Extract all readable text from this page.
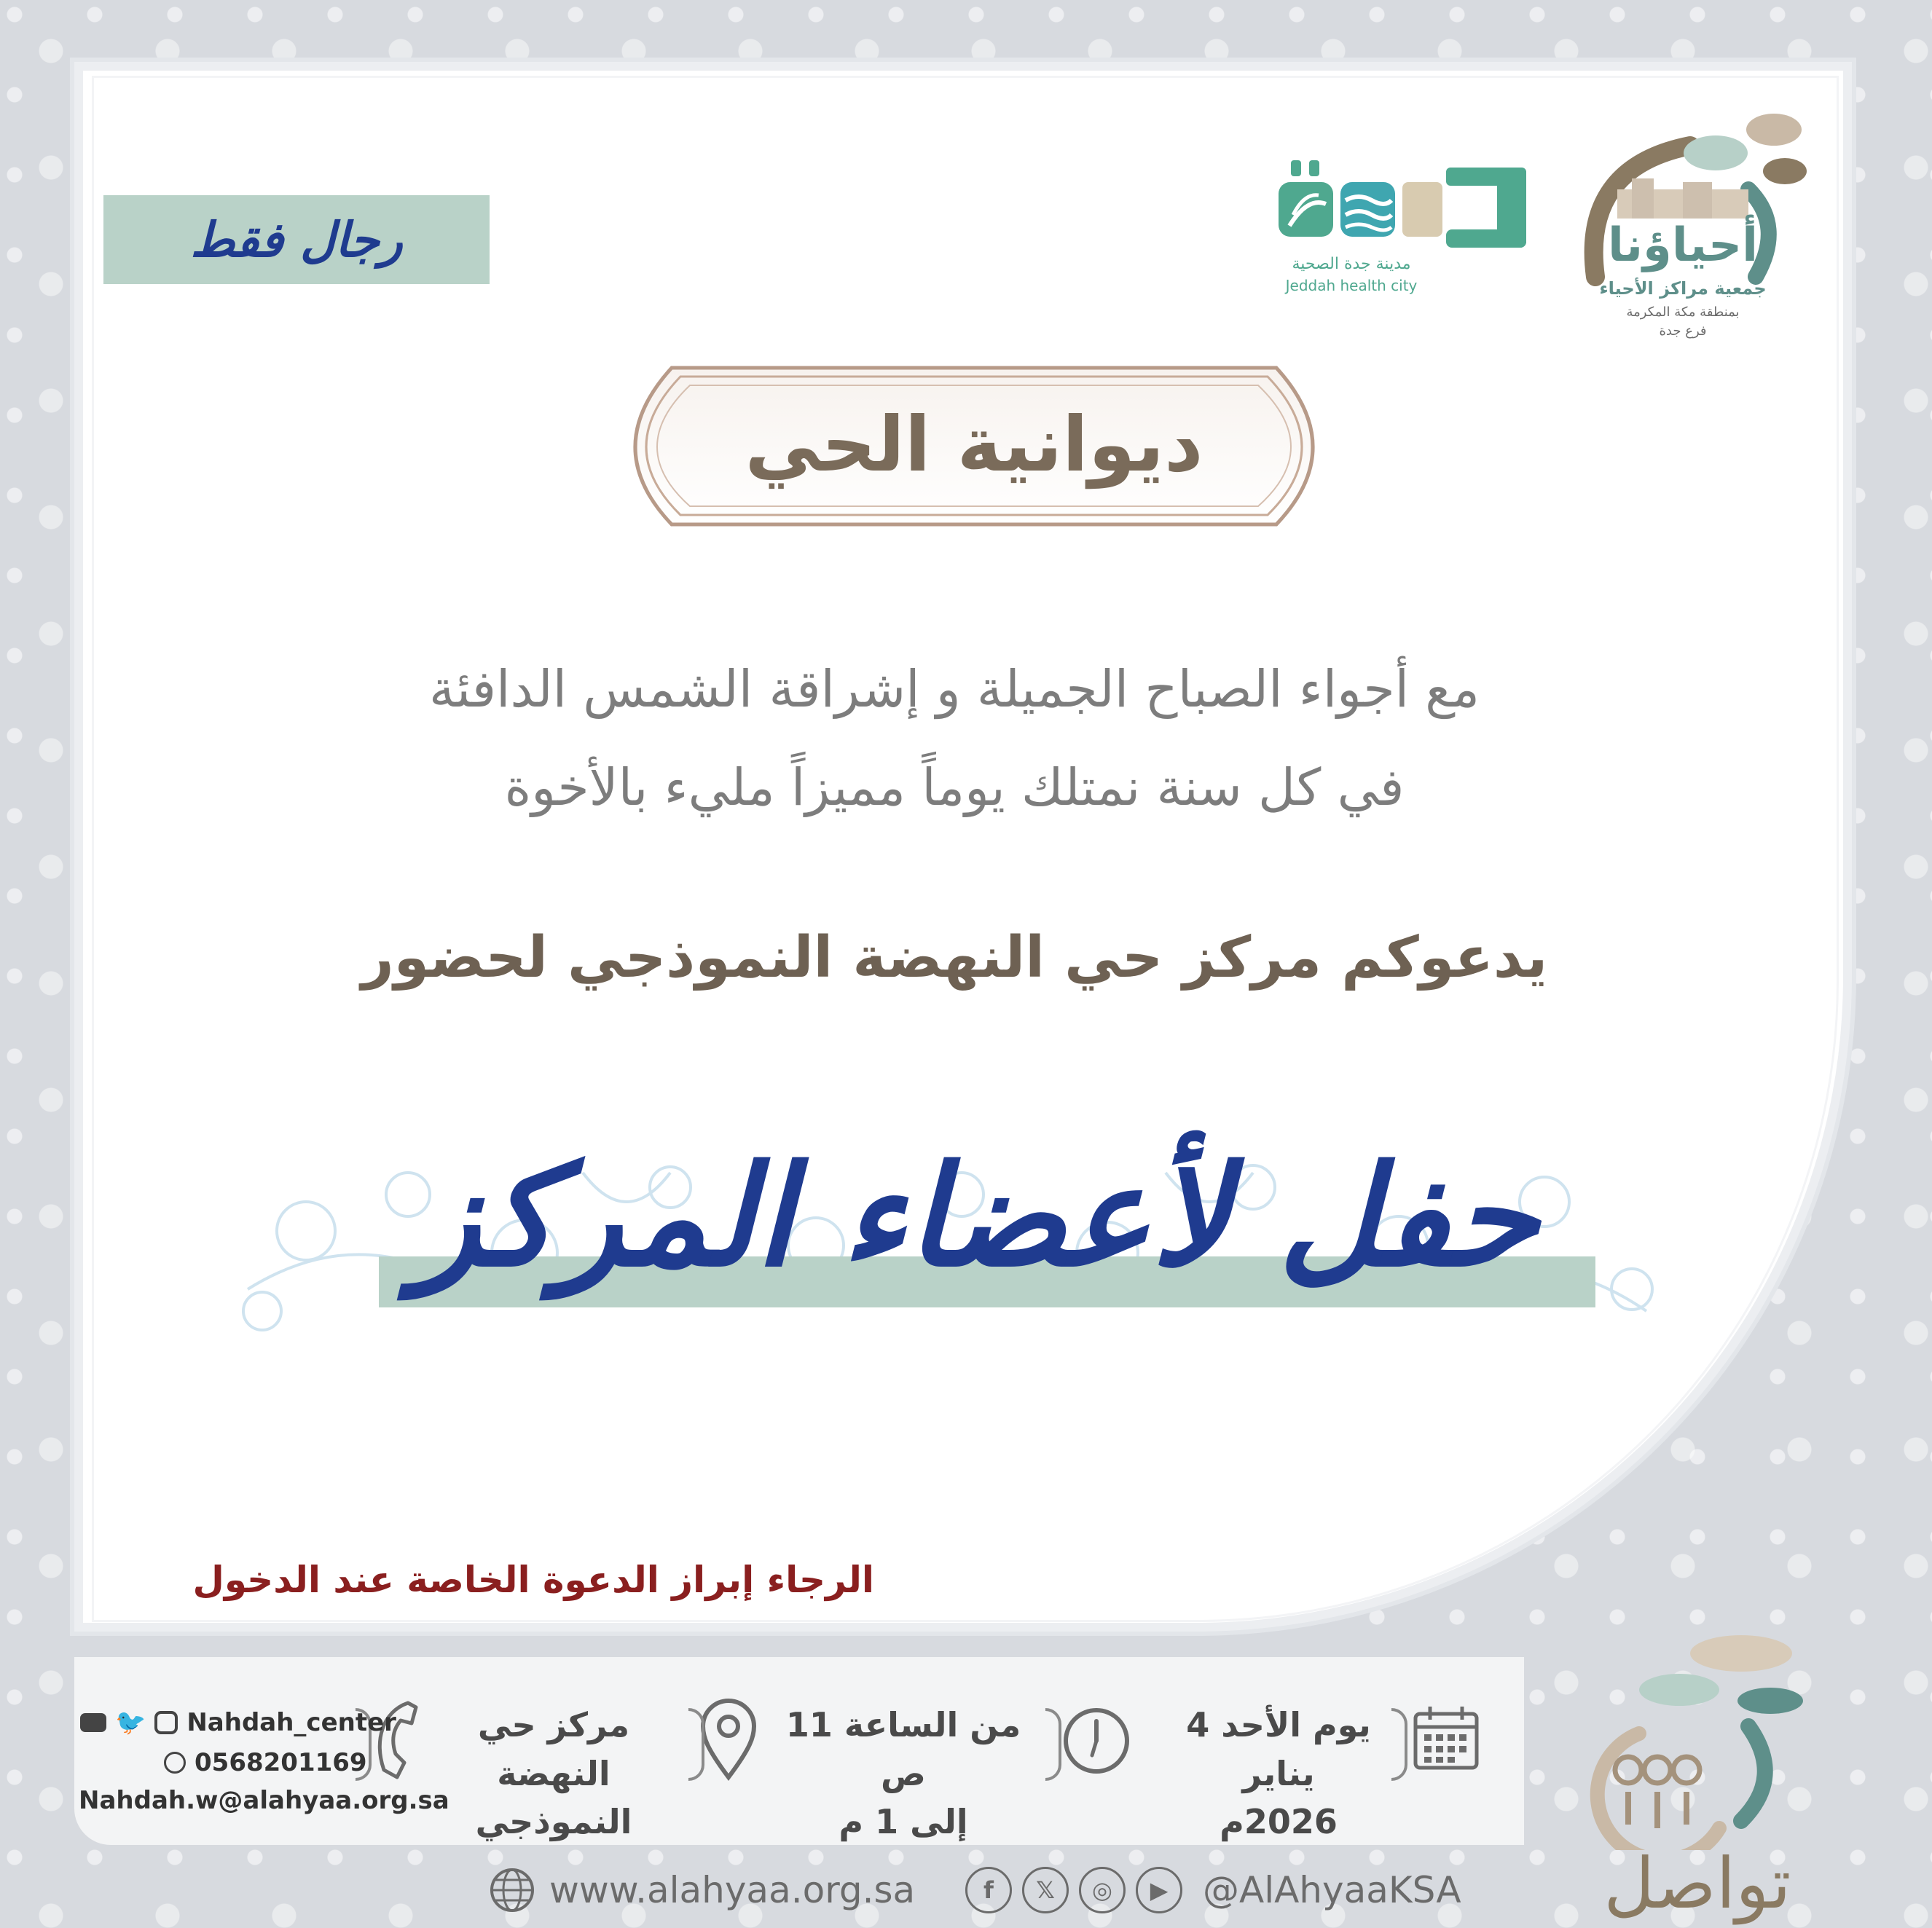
رجال فقط	مدينة جدة الصحية
Jeddah health city
أحياؤنا
جمعية مراكز الأحياء
بمنطقة مكة المكرمة
فرع جدة
ديوانية الحي
مع أجواء الصباح الجميلة و إشراقة الشمس الدافئة
في كل سنة نمتلك يوماً مميزاً مليء بالأخوة
يدعوكم مركز حي النهضة النموذجي لحضور
حفل لأعضاء المركز
الرجاء إبراز الدعوة الخاصة عند الدخول
يوم الأحد 4 يناير
2026م
من الساعة 11 ص
إلى 1 م
مركز حي النهضة
النموذجي
🐦 Nahdah_center
0568201169
Nahdah.w@alahyaa.org.sa
www.alahyaa.org.sa	f	𝕏	◎	▶ @AlAhyaaKSA	تواصل
